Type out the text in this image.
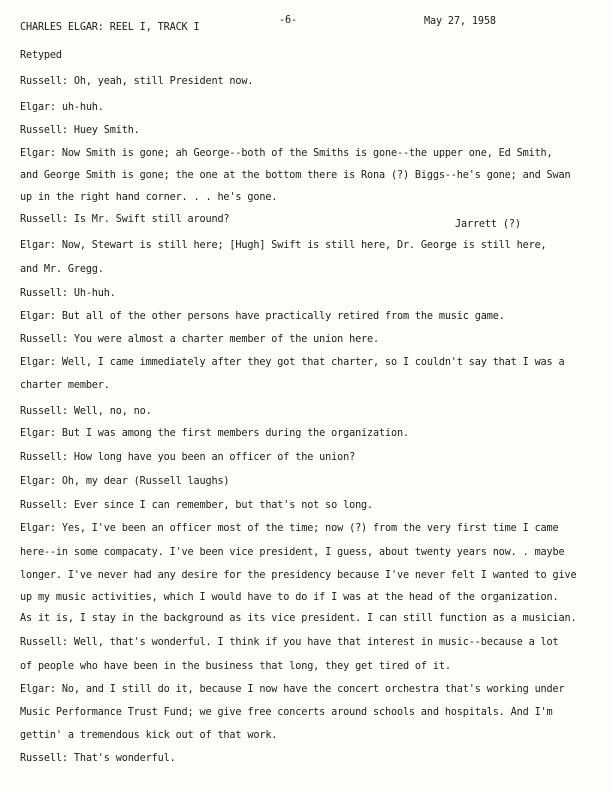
CHARLES ELGAR: REEL I, TRACK I
-6-	May 27, 1958
Retyped
Jarrett (?)
Russell: Oh, yeah, still President now.
Elgar: uh-huh.
Russell: Huey Smith.
Elgar: Now Smith is gone; ah George--both of the Smiths is gone--the upper one, Ed Smith,
and George Smith is gone; the one at the bottom there is Rona (?) Biggs--he's gone; and Swan
up in the right hand corner. . . he's gone.
Russell: Is Mr. Swift still around?
Elgar: Now, Stewart is still here; [Hugh] Swift is still here, Dr. George is still here,
and Mr. Gregg.
Russell: Uh-huh.
Elgar: But all of the other persons have practically retired from the music game.
Russell: You were almost a charter member of the union here.
Elgar: Well, I came immediately after they got that charter, so I couldn't say that I was a
charter member.
Russell: Well, no, no.
Elgar: But I was among the first members during the organization.
Russell: How long have you been an officer of the union?
Elgar: Oh, my dear (Russell laughs)
Russell: Ever since I can remember, but that's not so long.
Elgar: Yes, I've been an officer most of the time; now (?) from the very first time I came
here--in some compacaty. I've been vice president, I guess, about twenty years now. . maybe
longer. I've never had any desire for the presidency because I've never felt I wanted to give
up my music activities, which I would have to do if I was at the head of the organization.
As it is, I stay in the background as its vice president. I can still function as a musician.
Russell: Well, that's wonderful. I think if you have that interest in music--because a lot
of people who have been in the business that long, they get tired of it.
Elgar: No, and I still do it, because I now have the concert orchestra that's working under
Music Performance Trust Fund; we give free concerts around schools and hospitals. And I'm
gettin' a tremendous kick out of that work.
Russell: That's wonderful.
